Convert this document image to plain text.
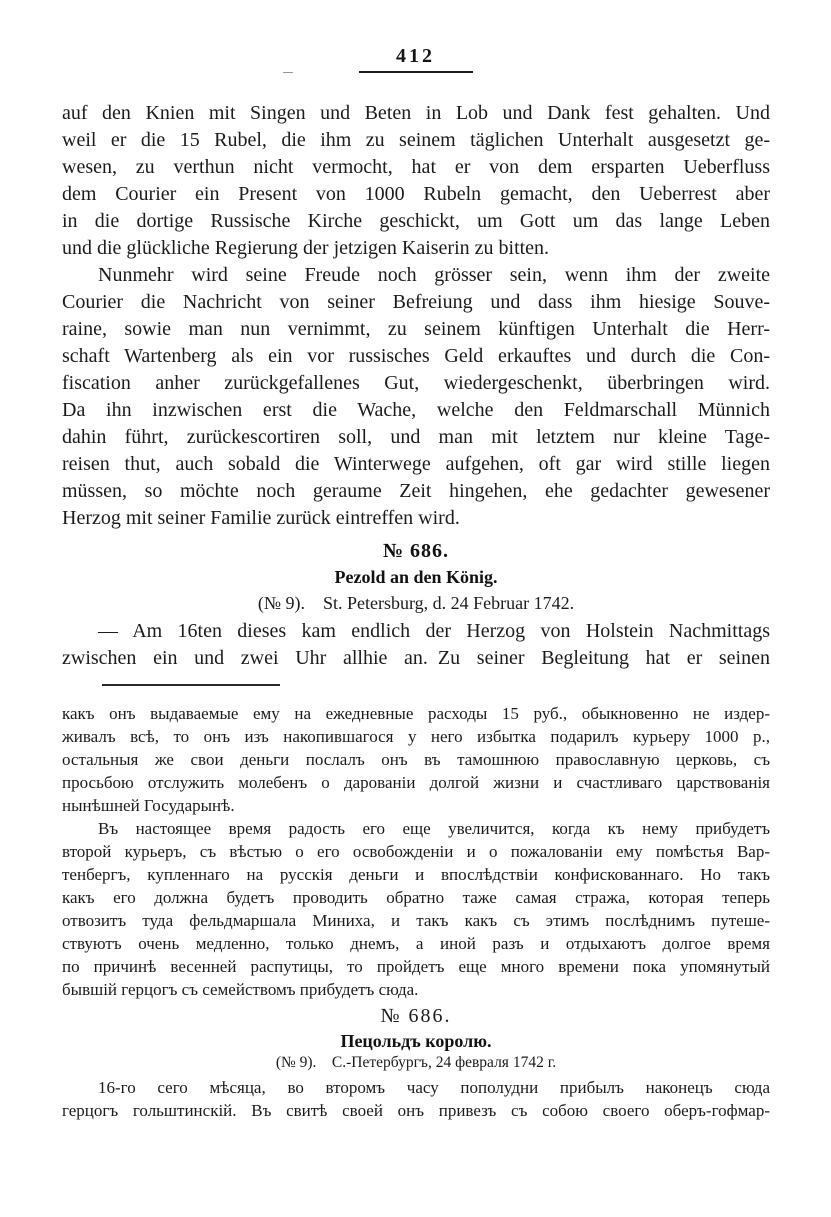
412
auf den Knien mit Singen und Beten in Lob und Dank fest gehalten. Und
weil er die 15 Rubel, die ihm zu seinem täglichen Unterhalt ausgesetzt ge-
wesen, zu verthun nicht vermocht, hat er von dem ersparten Ueberfluss
dem Courier ein Present von 1000 Rubeln gemacht, den Ueberrest aber
in die dortige Russische Kirche geschickt, um Gott um das lange Leben
und die glückliche Regierung der jetzigen Kaiserin zu bitten.
Nunmehr wird seine Freude noch grösser sein, wenn ihm der zweite
Courier die Nachricht von seiner Befreiung und dass ihm hiesige Souve-
raine, sowie man nun vernimmt, zu seinem künftigen Unterhalt die Herr-
schaft Wartenberg als ein vor russisches Geld erkauftes und durch die Con-
fiscation anher zurückgefallenes Gut, wiedergeschenkt, überbringen wird.
Da ihn inzwischen erst die Wache, welche den Feldmarschall Münnich
dahin führt, zurückescortiren soll, und man mit letztem nur kleine Tage-
reisen thut, auch sobald die Winterwege aufgehen, oft gar wird stille liegen
müssen, so möchte noch geraume Zeit hingehen, ehe gedachter gewesener
Herzog mit seiner Familie zurück eintreffen wird.
№ 686.
Pezold an den König.
(№ 9). St. Petersburg, d. 24 Februar 1742.
— Am 16ten dieses kam endlich der Herzog von Holstein Nachmittags
zwischen ein und zwei Uhr allhie an. Zu seiner Begleitung hat er seinen
какъ онъ выдаваемые ему на ежедневные расходы 15 руб., обыкновенно не издер-
живалъ всѣ, то онъ изъ накопившагося у него избытка подарилъ курьеру 1000 р.,
остальныя же свои деньги послалъ онъ въ тамошнюю православную церковь, съ
просьбою отслужить молебенъ о дарованіи долгой жизни и счастливаго царствованія
нынѣшней Государынѣ.
Въ настоящее время радость его еще увеличится, когда къ нему прибудетъ
второй курьеръ, съ вѣстью о его освобожденіи и о пожалованіи ему помѣстья Вар-
тенбергъ, купленнаго на русскія деньги и впослѣдствіи конфискованнаго. Но такъ
какъ его должна будетъ проводить обратно таже самая стража, которая теперь
отвозитъ туда фельдмаршала Миниха, и такъ какъ съ этимъ послѣднимъ путеше-
ствуютъ очень медленно, только днемъ, а иной разъ и отдыхаютъ долгое время
по причинѣ весенней распутицы, то пройдетъ еще много времени пока упомянутый
бывшій герцогъ съ семействомъ прибудетъ сюда.
№ 686.
Пецольдъ королю.
(№ 9). С.-Петербургъ, 24 февраля 1742 г.
16-го сего мѣсяца, во второмъ часу пополудни прибылъ наконецъ сюда
герцогъ гольштинскій. Въ свитѣ своей онъ привезъ съ собою своего оберъ-гофмар-
